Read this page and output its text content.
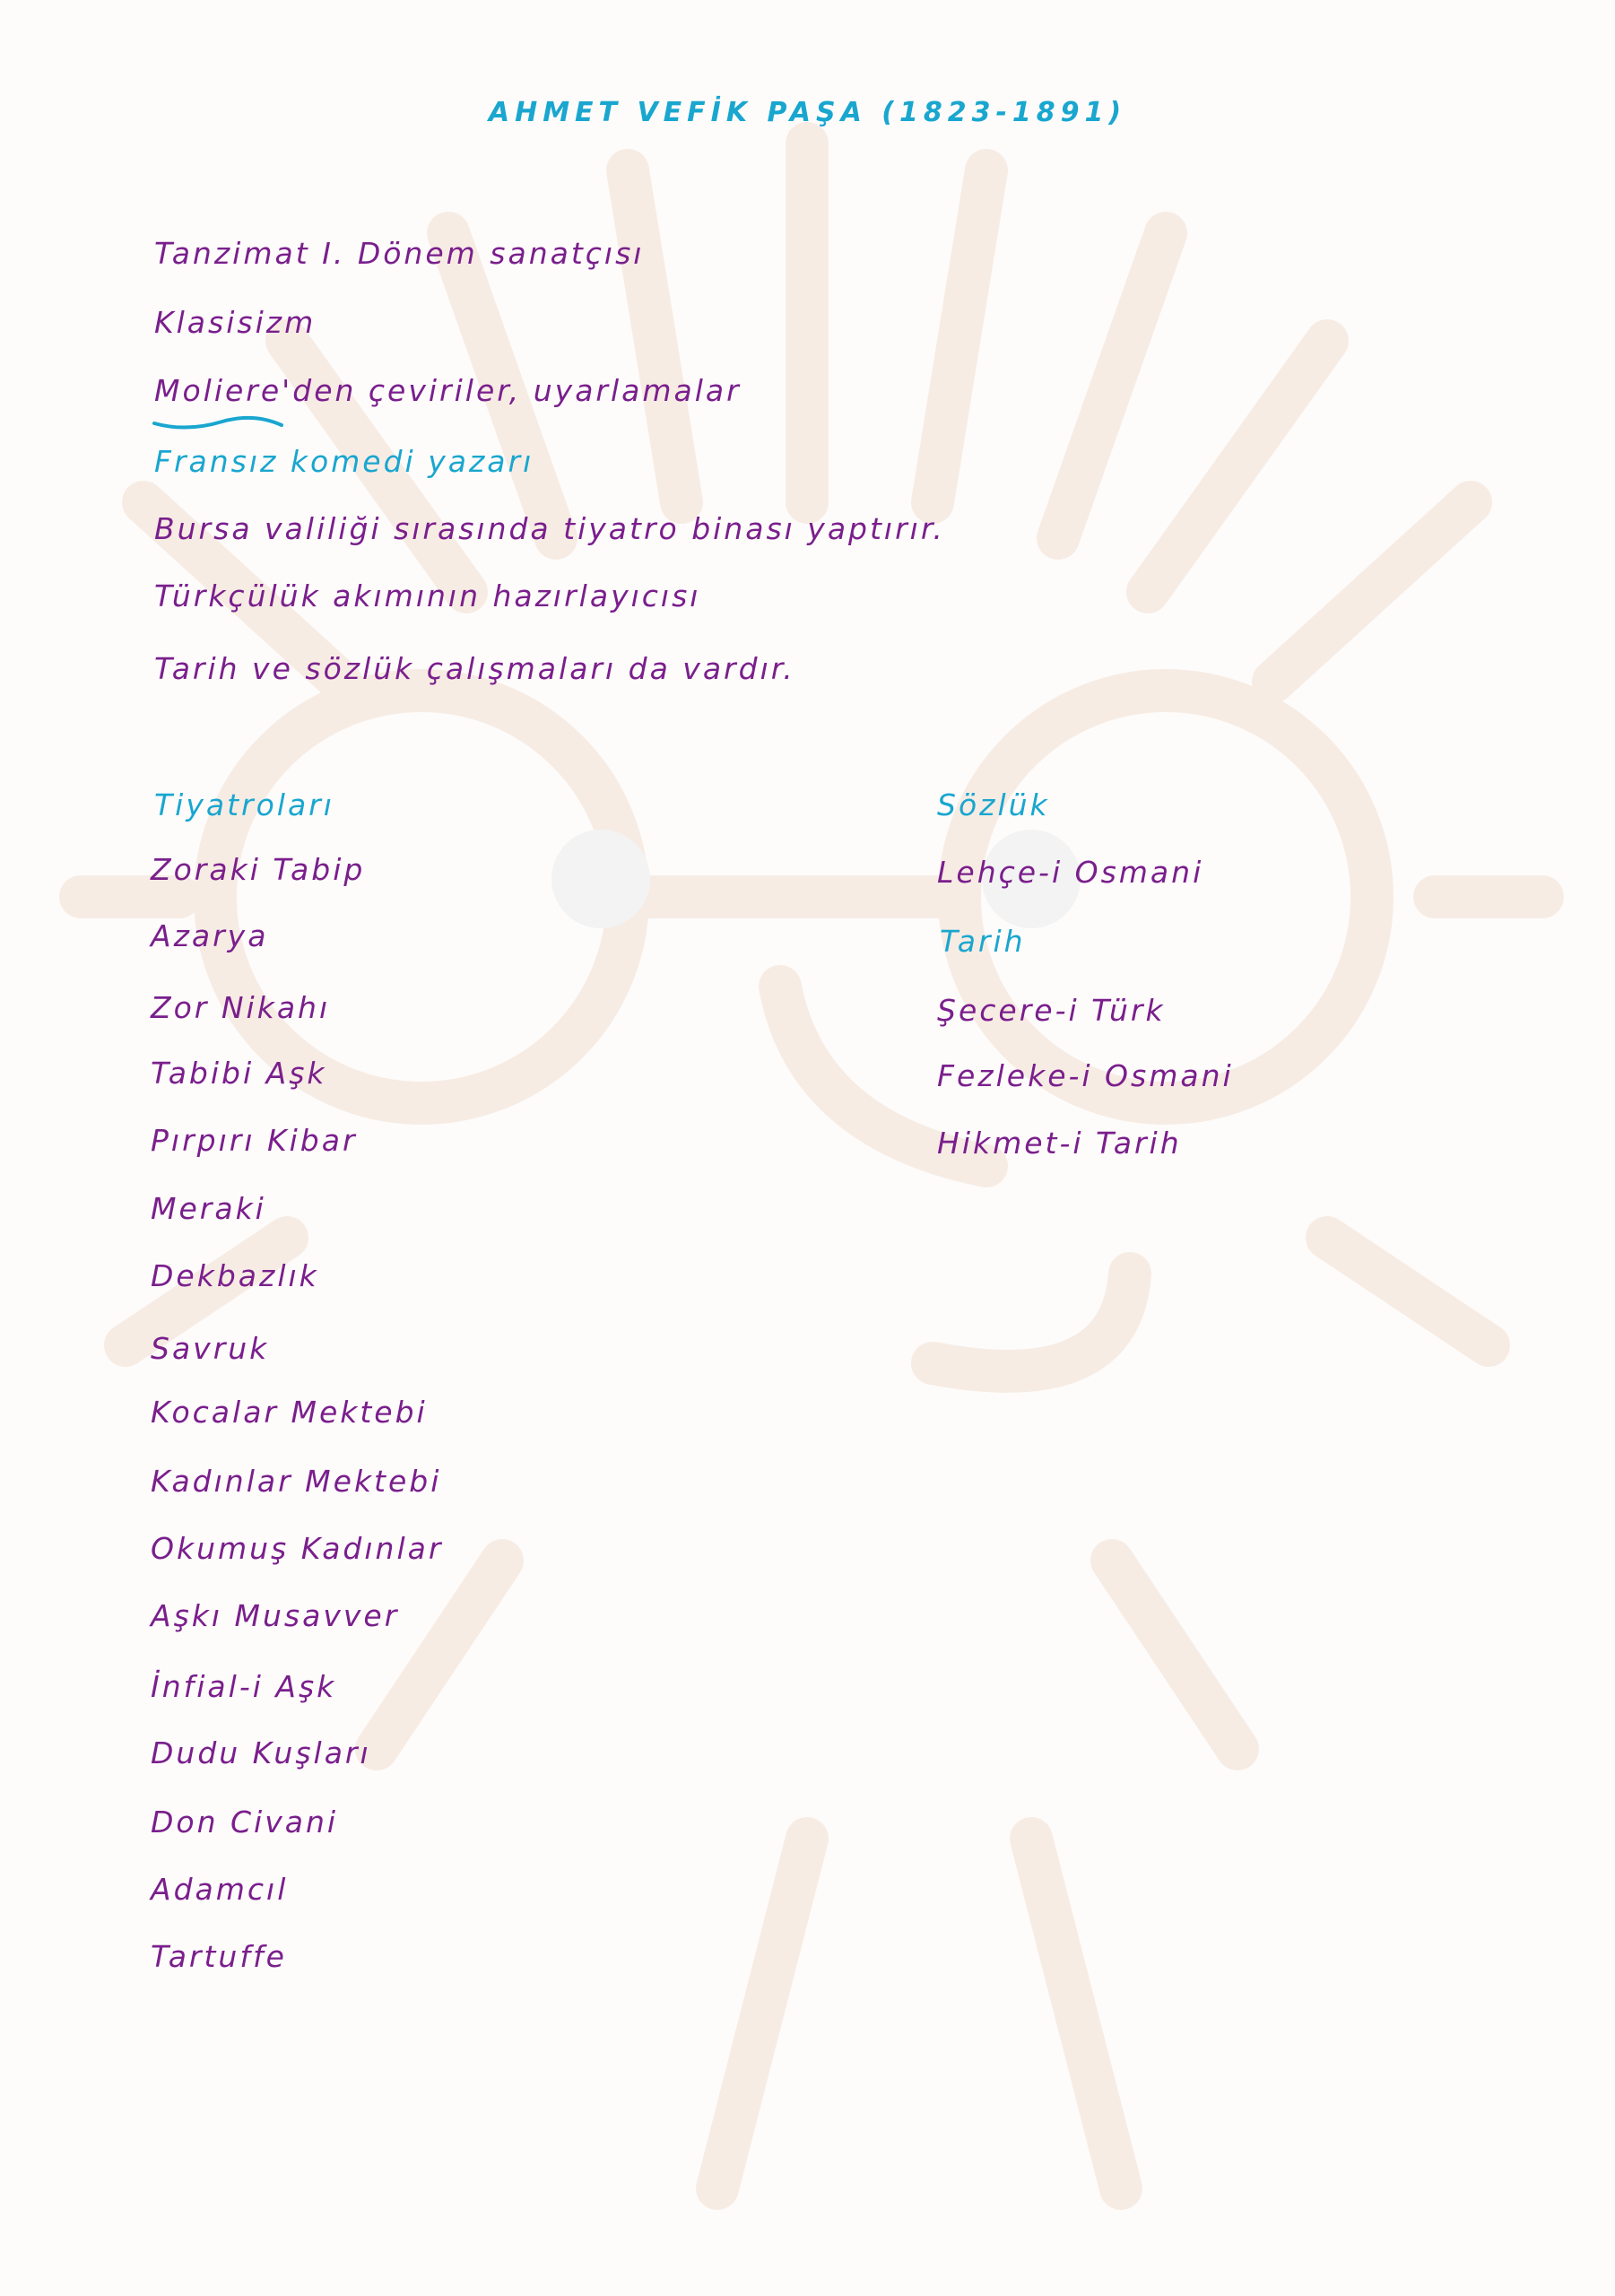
AHMET VEFİK PAŞA (1823-1891)
Tanzimat I. Dönem sanatçısı
Klasisizm
Moliere'den çeviriler, uyarlamalar
Fransız komedi yazarı
Bursa valiliği sırasında tiyatro binası yaptırır.
Türkçülük akımının hazırlayıcısı
Tarih ve sözlük çalışmaları da vardır.
Tiyatroları
Zoraki Tabip
Azarya
Zor Nikahı
Tabibi Aşk
Pırpırı Kibar
Meraki
Dekbazlık
Savruk
Kocalar Mektebi
Kadınlar Mektebi
Okumuş Kadınlar
Aşkı Musavver
İnfial-i Aşk
Dudu Kuşları
Don Civani
Adamcıl
Tartuffe
Sözlük
Lehçe-i Osmani
Tarih
Şecere-i Türk
Fezleke-i Osmani
Hikmet-i Tarih
